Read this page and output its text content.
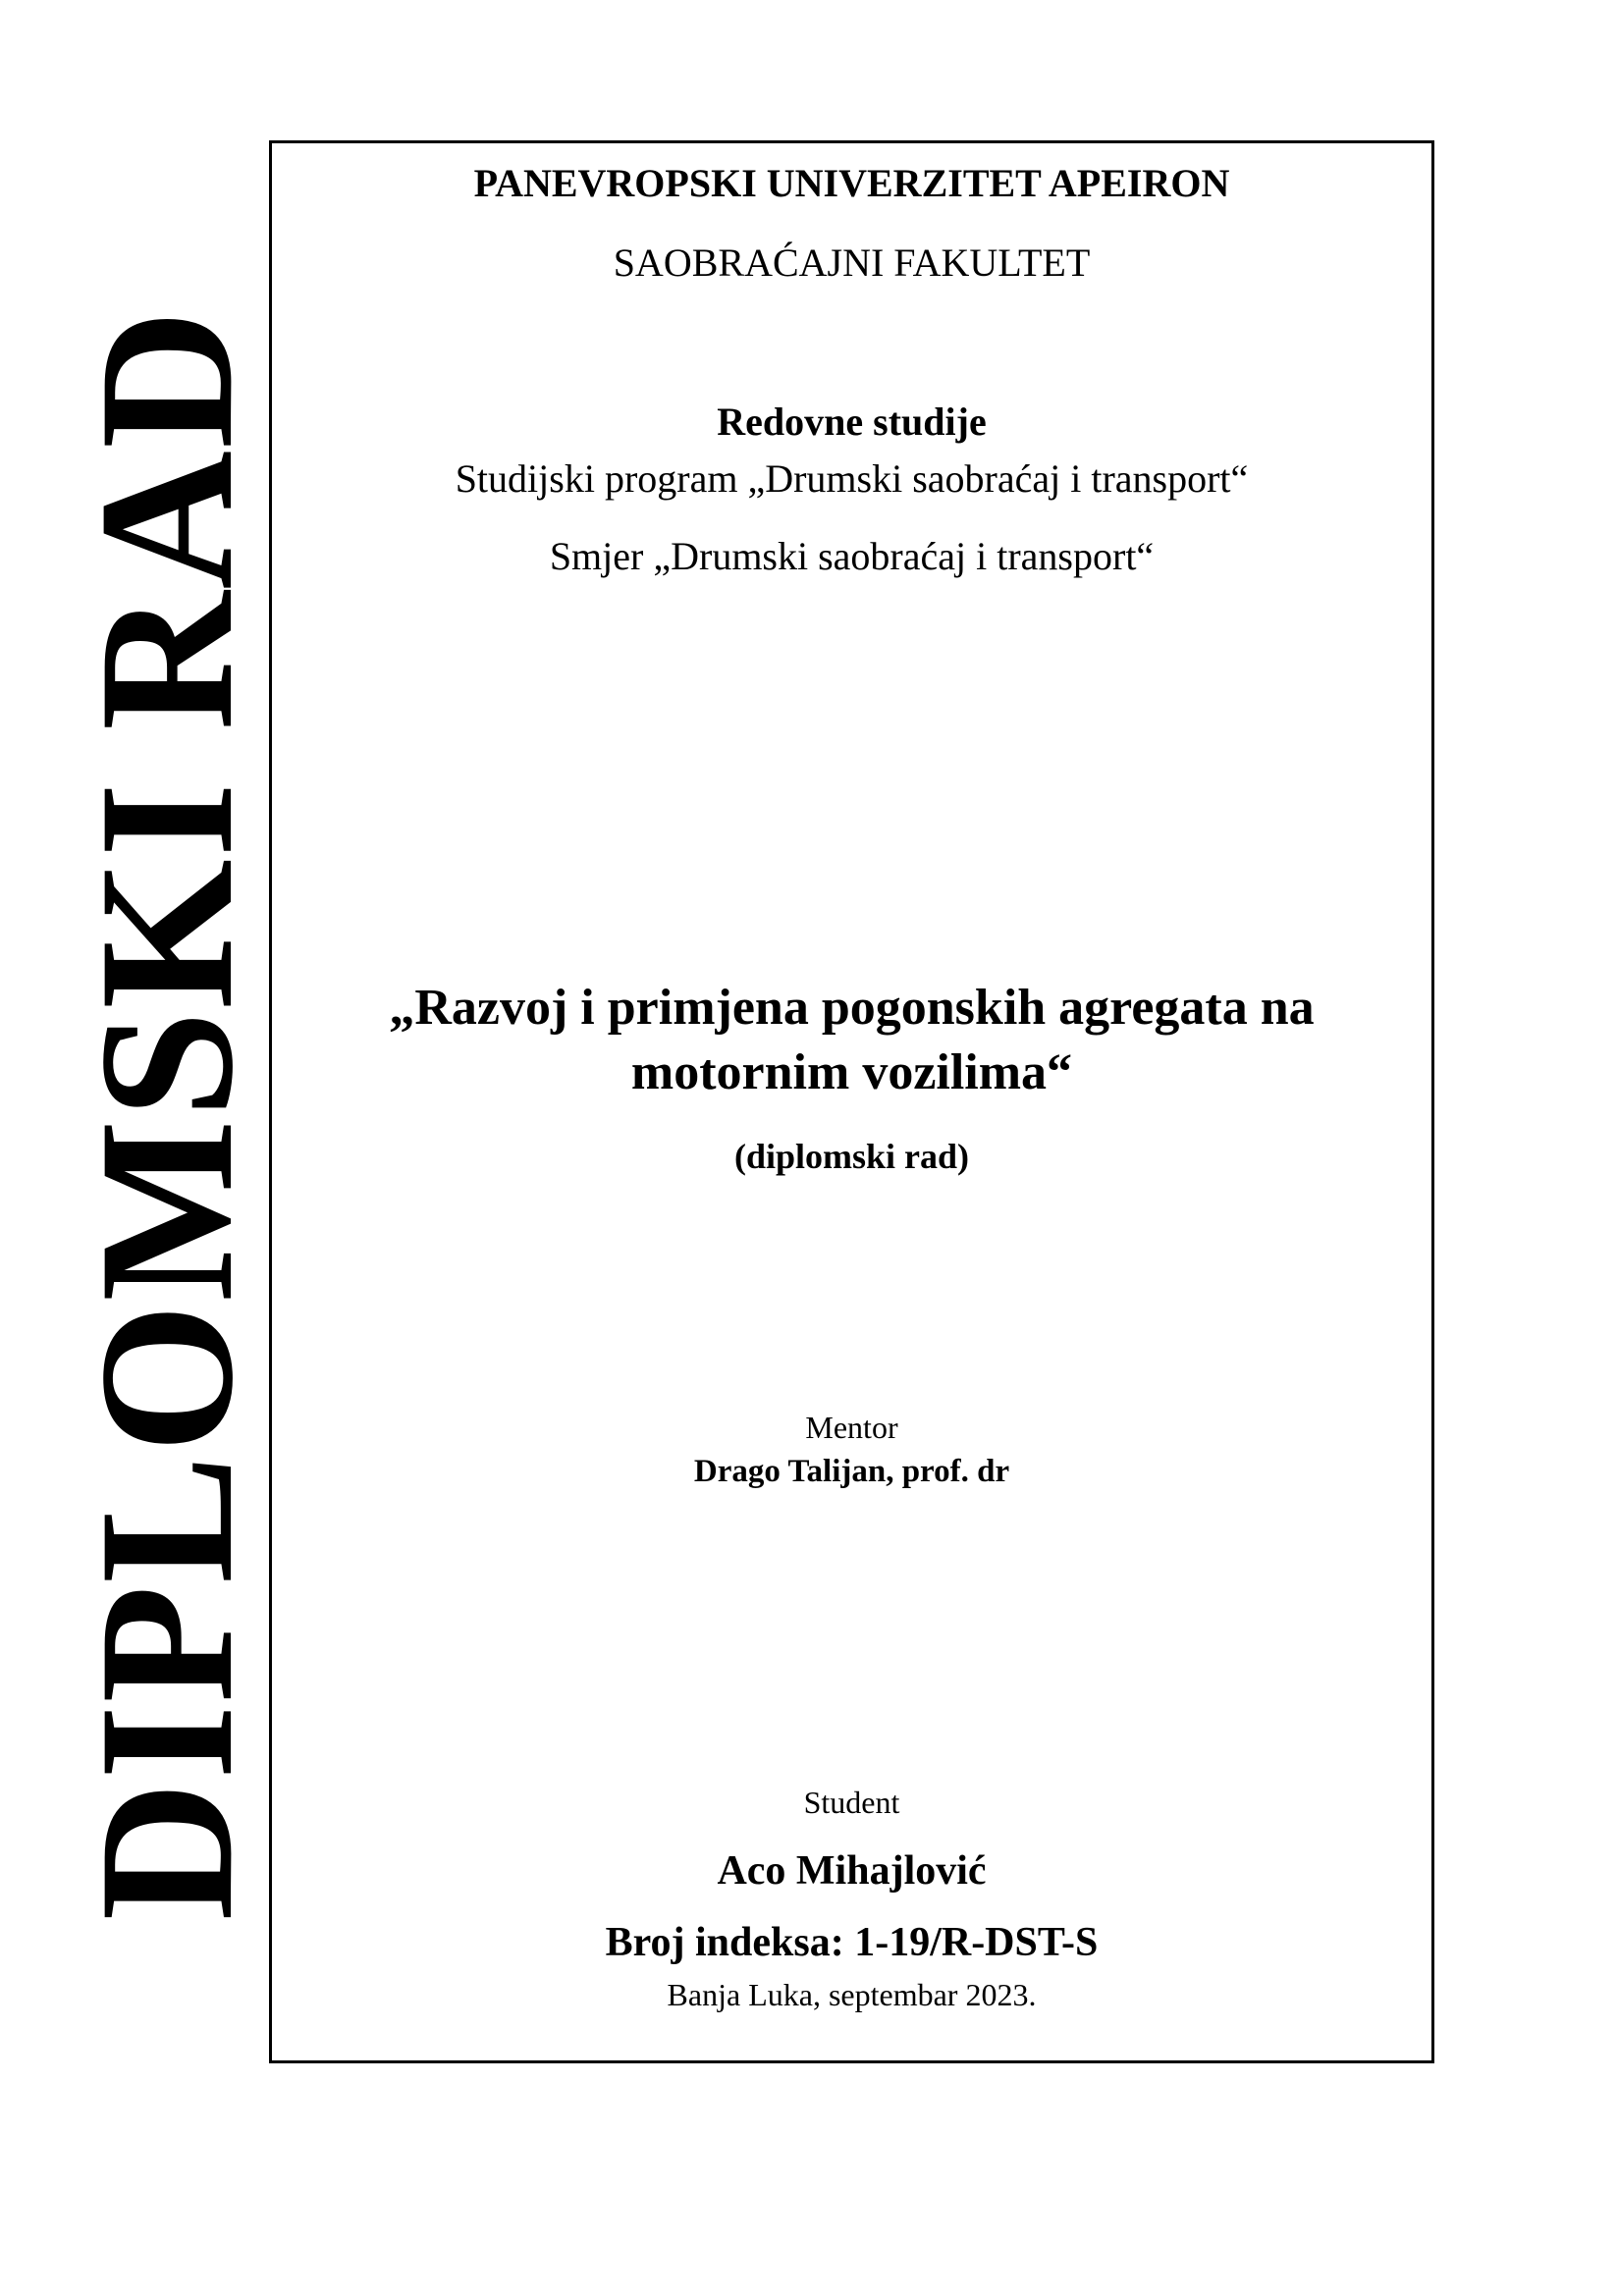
DIPLOMSKI RAD
PANEVROPSKI UNIVERZITET APEIRON
SAOBRAĆAJNI FAKULTET
Redovne studije
Studijski program „Drumski saobraćaj i transport“
Smjer „Drumski saobraćaj i transport“
„Razvoj i primjena pogonskih agregata na
motornim vozilima“
(diplomski rad)
Mentor
Drago Talijan, prof. dr
Student
Aco Mihajlović
Broj indeksa: 1-19/R-DST-S
Banja Luka, septembar 2023.
